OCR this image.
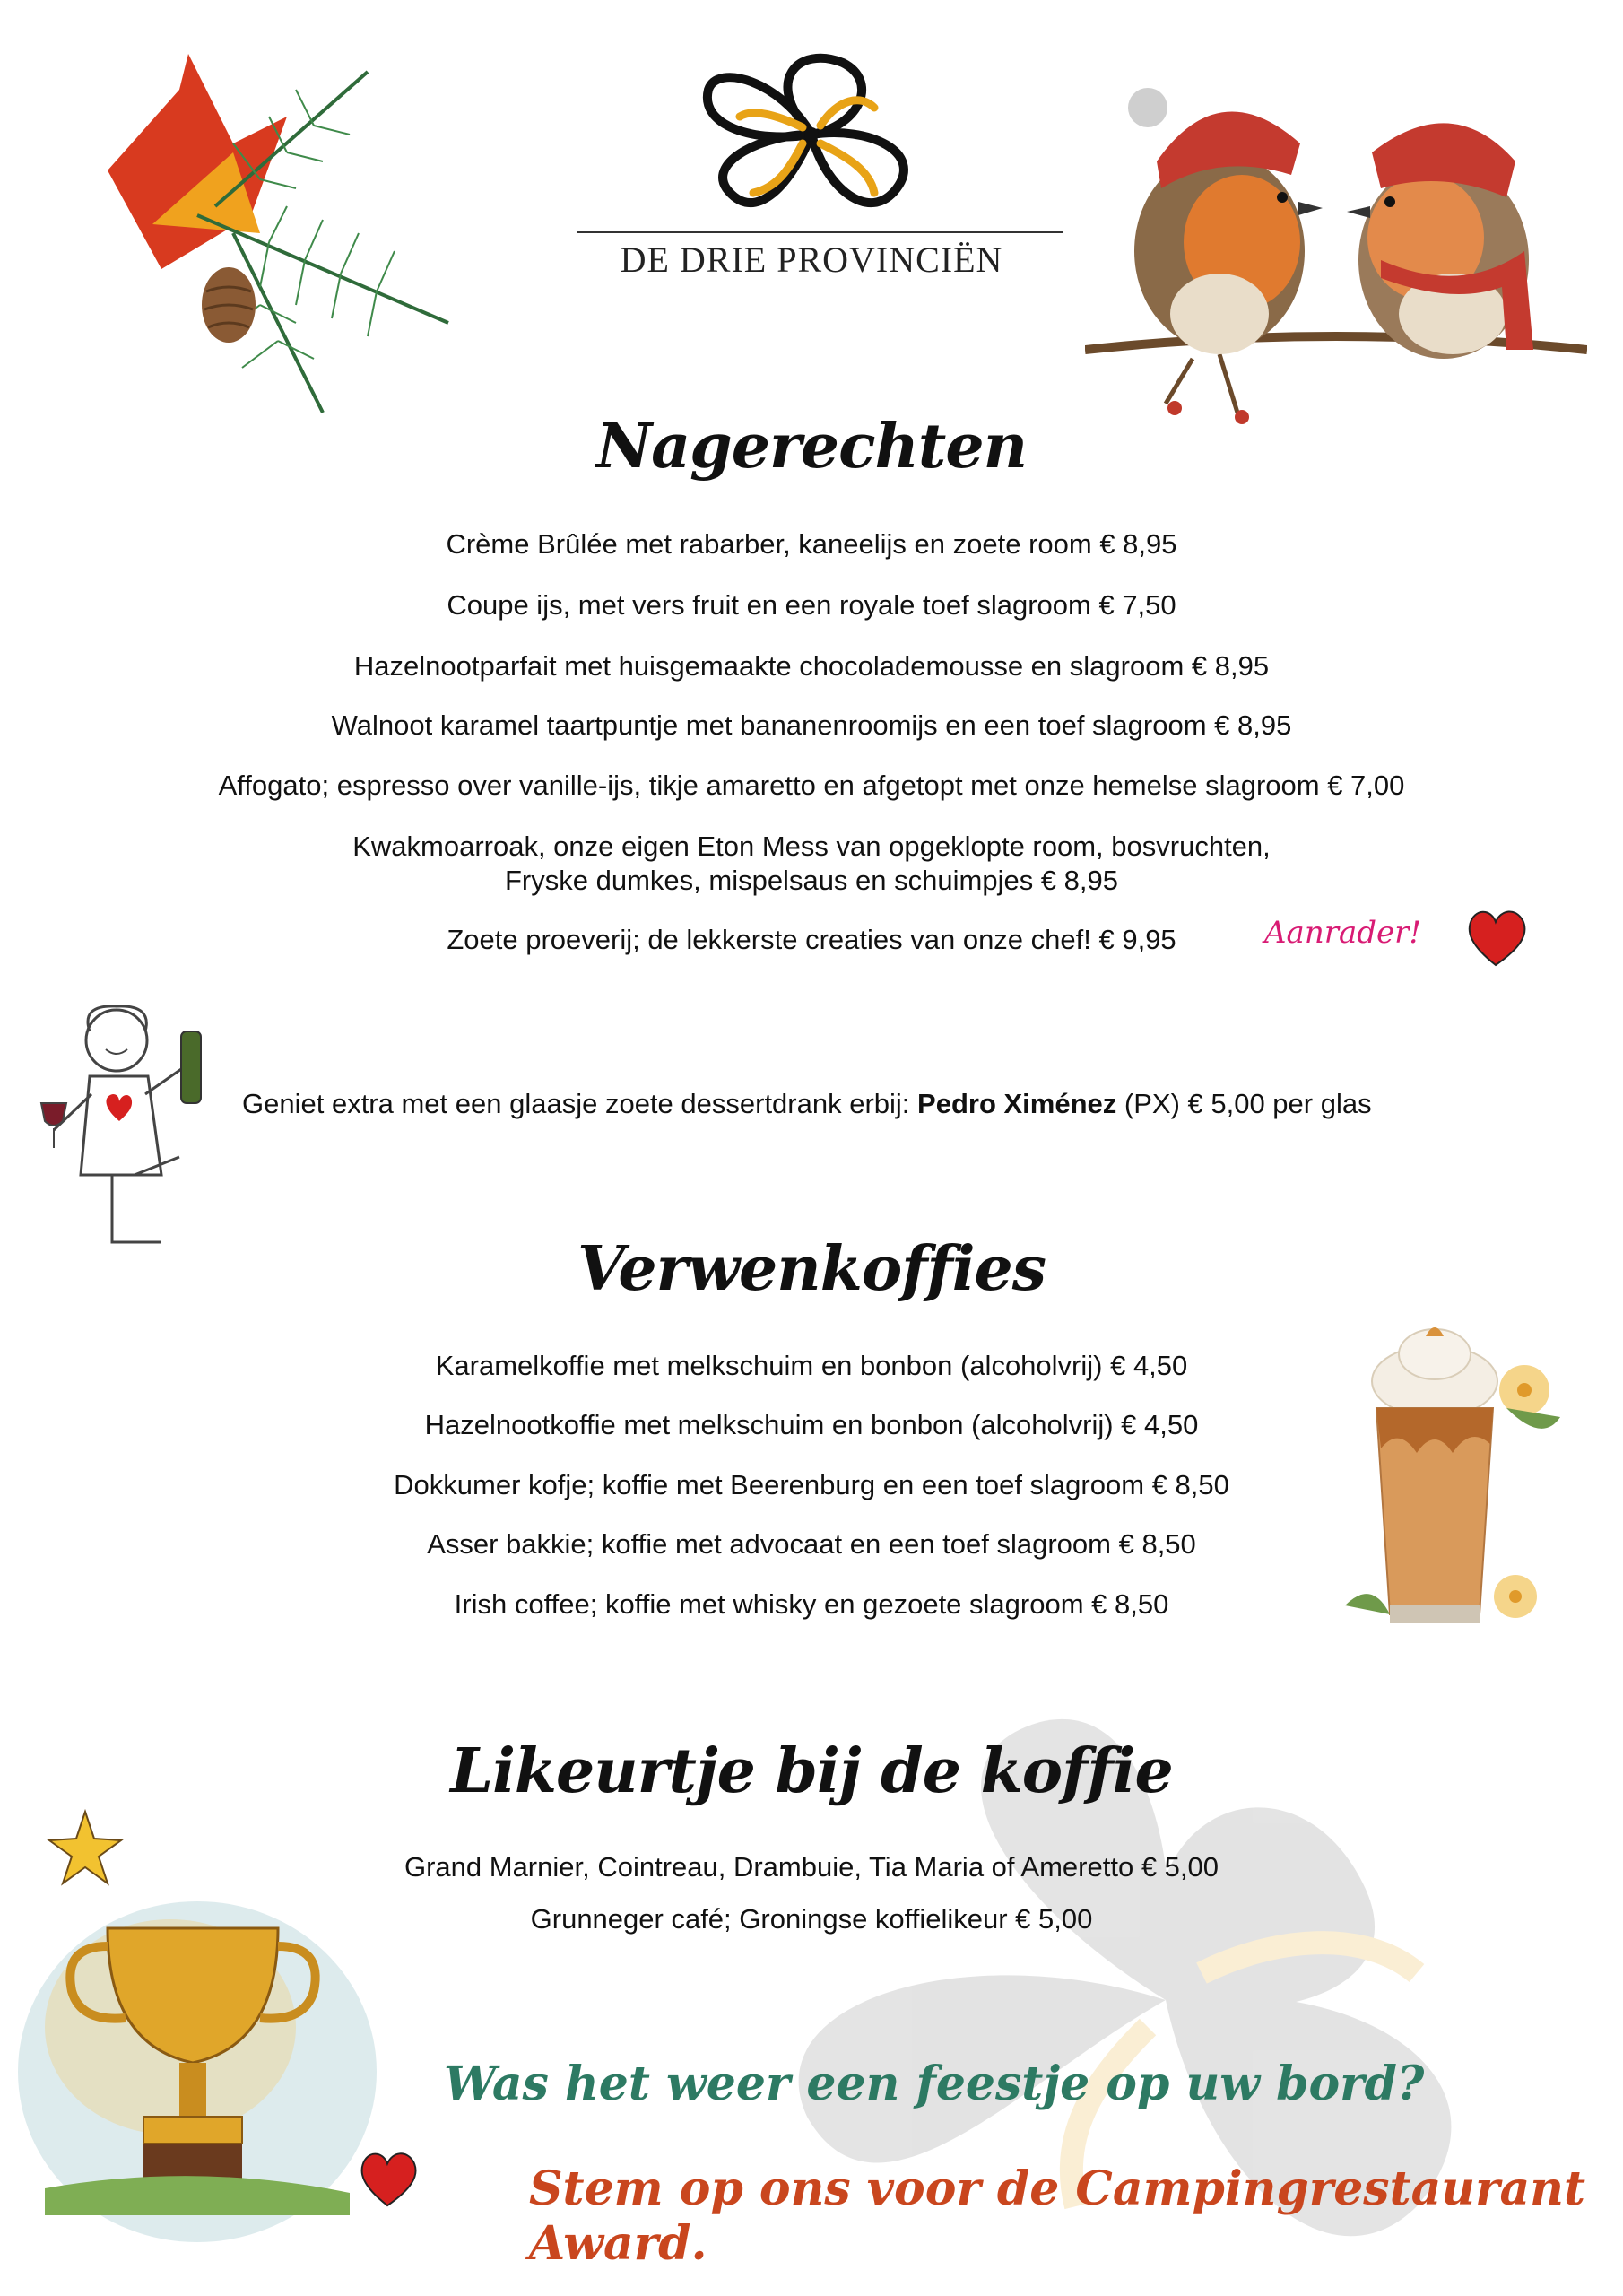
DE DRIE PROVINCIËN
Nagerechten
Crème Brûlée met rabarber, kaneelijs en zoete room € 8,95
Coupe ijs, met vers fruit en een royale toef slagroom € 7,50
Hazelnootparfait met huisgemaakte chocolademousse en slagroom € 8,95
Walnoot karamel taartpuntje met bananenroomijs en een toef slagroom € 8,95
Affogato; espresso over vanille-ijs, tikje amaretto en afgetopt met onze hemelse slagroom € 7,00
Kwakmoarroak, onze eigen Eton Mess van opgeklopte room, bosvruchten,
Fryske dumkes, mispelsaus en schuimpjes € 8,95
Zoete proeverij; de lekkerste creaties van onze chef! € 9,95	Aanrader!
Geniet extra met een glaasje zoete dessertdrank erbij: Pedro Ximénez (PX) € 5,00 per glas
Verwenkoffies
Karamelkoffie met melkschuim en bonbon (alcoholvrij) € 4,50
Hazelnootkoffie met melkschuim en bonbon (alcoholvrij) € 4,50
Dokkumer kofje; koffie met Beerenburg en een toef slagroom € 8,50
Asser bakkie; koffie met advocaat en een toef slagroom € 8,50
Irish coffee; koffie met whisky en gezoete slagroom € 8,50
Likeurtje bij de koffie
Grand Marnier, Cointreau, Drambuie, Tia Maria of Ameretto € 5,00
Grunneger café; Groningse koffielikeur € 5,00
Was het weer een feestje op uw bord?
Stem op ons voor de Campingrestaurant Award.
